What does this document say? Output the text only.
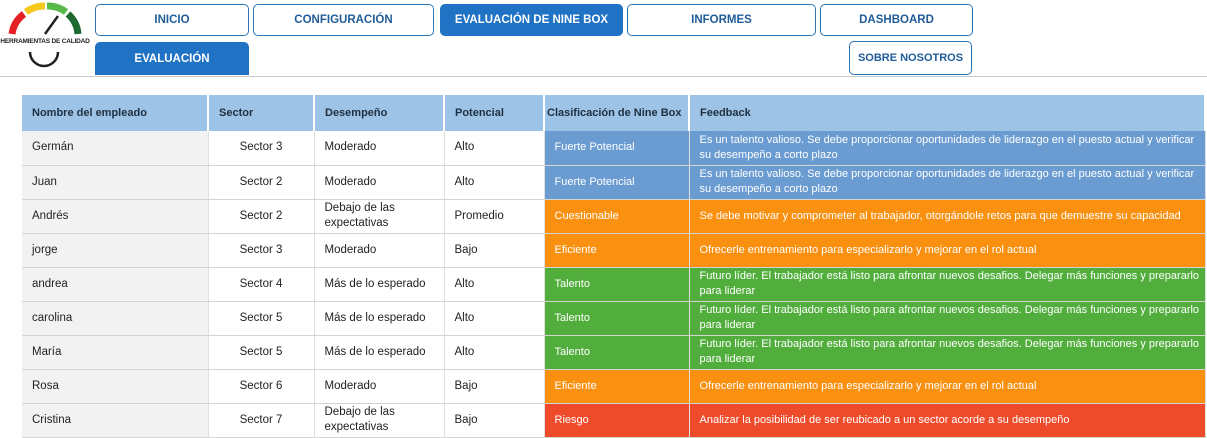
HERRAMIENTAS DE CALIDAD
INICIO	CONFIGURACIÓN	EVALUACIÓN DE NINE BOX	INFORMES	DASHBOARD
EVALUACIÓN	SOBRE NOSOTROS
Nombre del empleado	Sector	Desempeño	Potencial	Clasificación de Nine Box	Feedback
Germán	Sector 3	Moderado	Alto	Fuerte Potencial	Es un talento valioso. Se debe proporcionar oportunidades de liderazgo en el puesto actual y verificar su desempeño a corto plazo
Juan	Sector 2	Moderado	Alto	Fuerte Potencial	Es un talento valioso. Se debe proporcionar oportunidades de liderazgo en el puesto actual y verificar su desempeño a corto plazo
Andrés	Sector 2	Debajo de las expectativas	Promedio	Cuestionable	Se debe motivar y comprometer al trabajador, otorgándole retos para que demuestre su capacidad
jorge	Sector 3	Moderado	Bajo	Eficiente	Ofrecerle entrenamiento para especializarlo y mejorar en el rol actual
andrea	Sector 4	Más de lo esperado	Alto	Talento	Futuro líder. El trabajador está listo para afrontar nuevos desafios. Delegar más funciones y prepararlo para liderar
carolina	Sector 5	Más de lo esperado	Alto	Talento	Futuro líder. El trabajador está listo para afrontar nuevos desafios. Delegar más funciones y prepararlo para liderar
María	Sector 5	Más de lo esperado	Alto	Talento	Futuro líder. El trabajador está listo para afrontar nuevos desafios. Delegar más funciones y prepararlo para liderar
Rosa	Sector 6	Moderado	Bajo	Eficiente	Ofrecerle entrenamiento para especializarlo y mejorar en el rol actual
Cristina	Sector 7	Debajo de las expectativas	Bajo	Riesgo	Analizar la posibilidad de ser reubicado a un sector acorde a su desempeño
